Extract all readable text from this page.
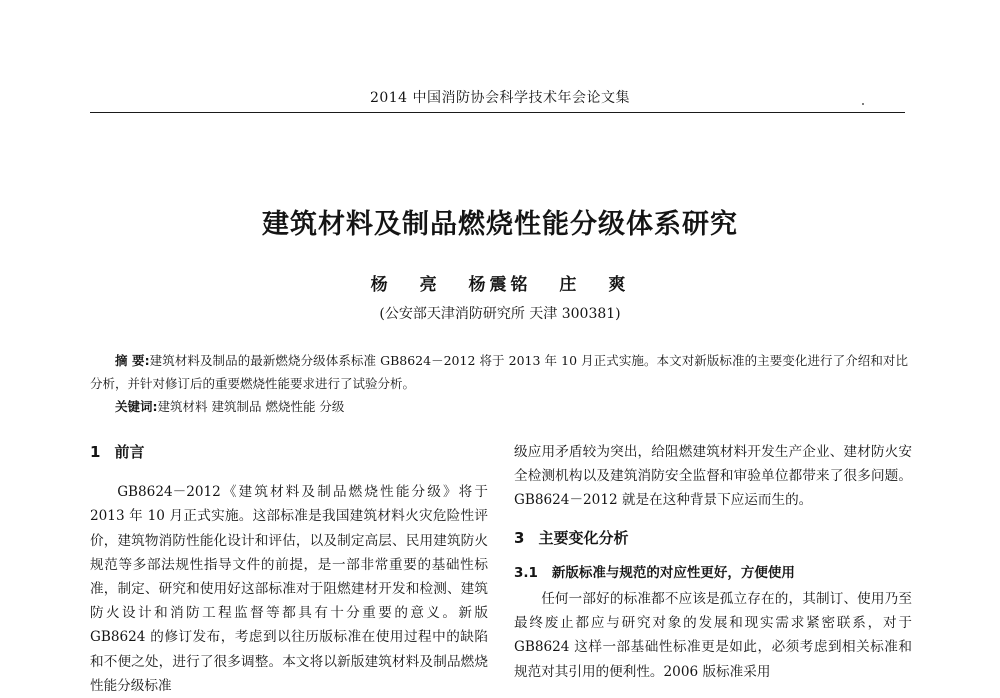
2014 中国消防协会科学技术年会论文集
建筑材料及制品燃烧性能分级体系研究
杨 亮 杨震铭 庄 爽
(公安部天津消防研究所 天津 300381)

摘 要:建筑材料及制品的最新燃烧分级体系标准 GB8624－2012 将于 2013 年 10 月正式实施。本文对新版标准的主要变化进行了介绍和对比分析，并针对修订后的重要燃烧性能要求进行了试验分析。

关键词:建筑材料 建筑制品 燃烧性能 分级

1 前言

GB8624－2012《建筑材料及制品燃烧性能分级》将于 2013 年 10 月正式实施。这部标准是我国建筑材料火灾危险性评价，建筑物消防性能化设计和评估，以及制定高层、民用建筑防火规范等多部法规性指导文件的前提，是一部非常重要的基础性标准，制定、研究和使用好这部标准对于阻燃建材开发和检测、建筑防火设计和消防工程监督等都具有十分重要的意义。新版 GB8624 的修订发布，考虑到以往历版标准在使用过程中的缺陷和不便之处，进行了很多调整。本文将以新版建筑材料及制品燃烧性能分级标准

级应用矛盾较为突出，给阻燃建筑材料开发生产企业、建材防火安全检测机构以及建筑消防安全监督和审验单位都带来了很多问题。GB8624－2012 就是在这种背景下应运而生的。

3 主要变化分析

3.1 新版标准与规范的对应性更好，方便使用

任何一部好的标准都不应该是孤立存在的，其制订、使用乃至最终废止都应与研究对象的发展和现实需求紧密联系，对于 GB8624 这样一部基础性标准更是如此，必须考虑到相关标准和规范对其引用的便利性。2006 版标准采用
